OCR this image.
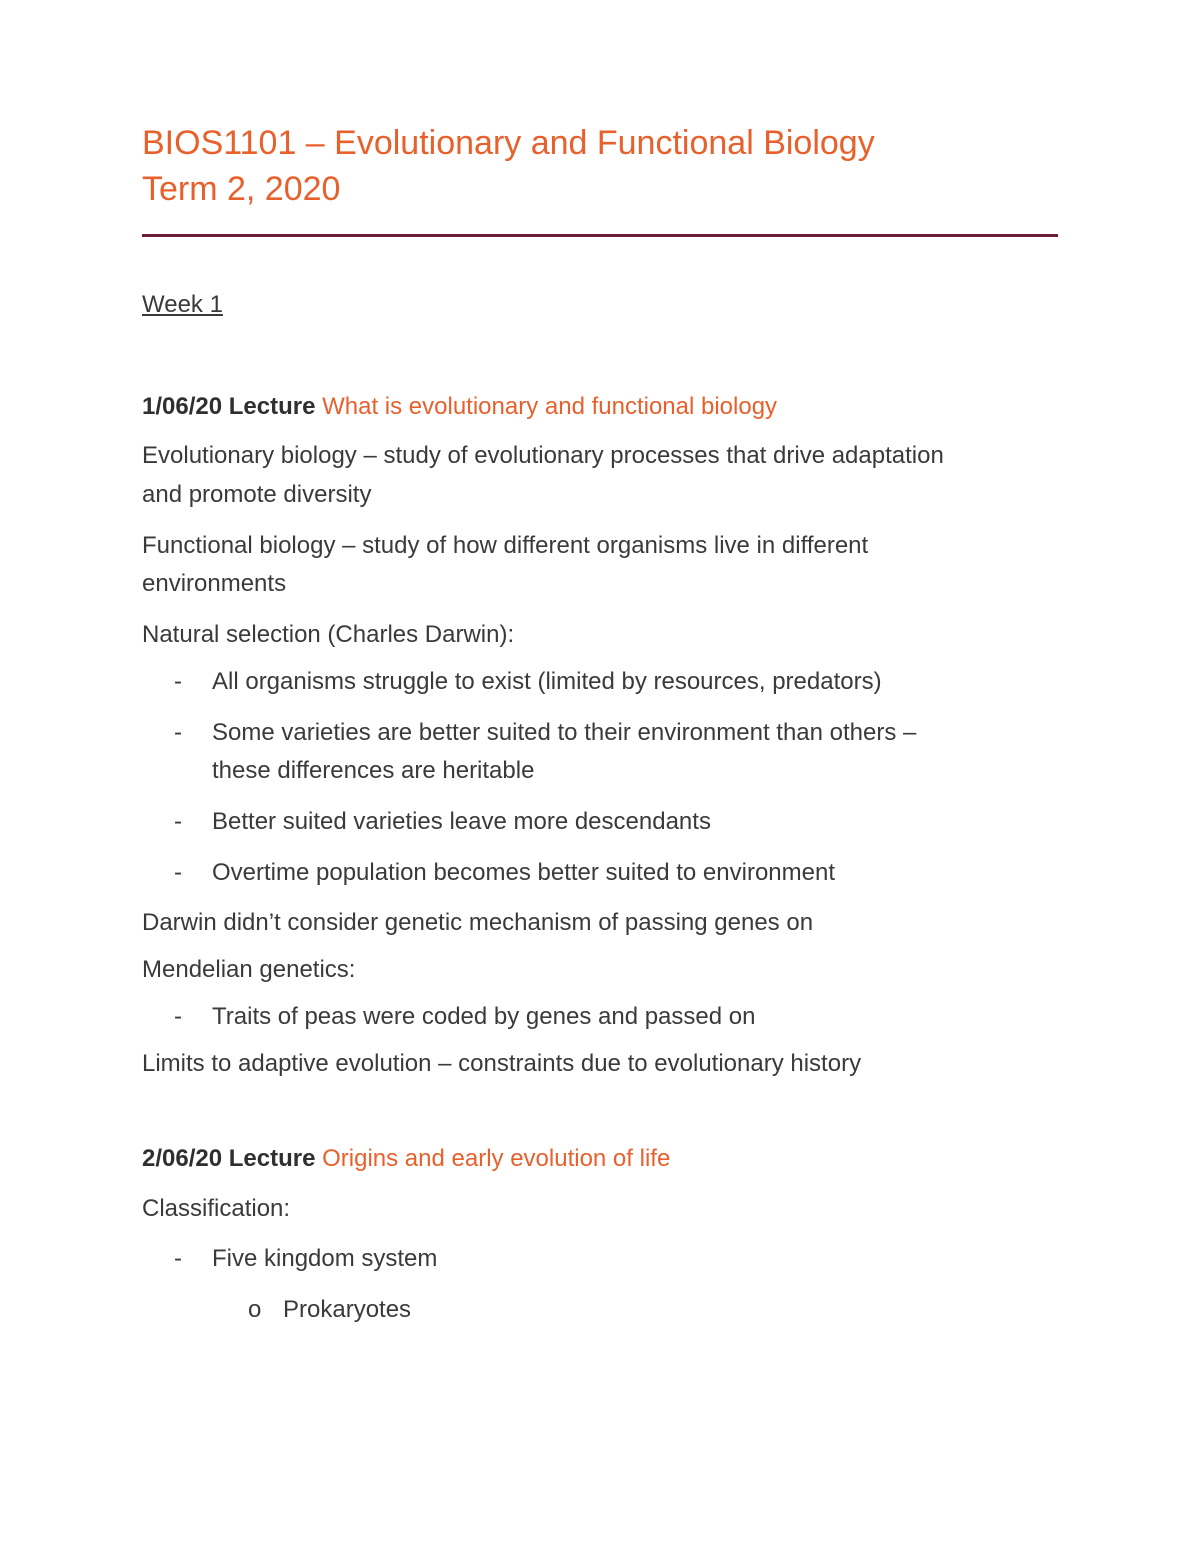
BIOS1101 – Evolutionary and Functional Biology
Term 2, 2020
Week 1
1/06/20 Lecture What is evolutionary and functional biology
Evolutionary biology – study of evolutionary processes that drive adaptation
and promote diversity
Functional biology – study of how different organisms live in different
environments
Natural selection (Charles Darwin):
- All organisms struggle to exist (limited by resources, predators)
- Some varieties are better suited to their environment than others –
these differences are heritable
- Better suited varieties leave more descendants
- Overtime population becomes better suited to environment
Darwin didn’t consider genetic mechanism of passing genes on
Mendelian genetics:
- Traits of peas were coded by genes and passed on
Limits to adaptive evolution – constraints due to evolutionary history
2/06/20 Lecture Origins and early evolution of life
Classification:
- Five kingdom system
o Prokaryotes
